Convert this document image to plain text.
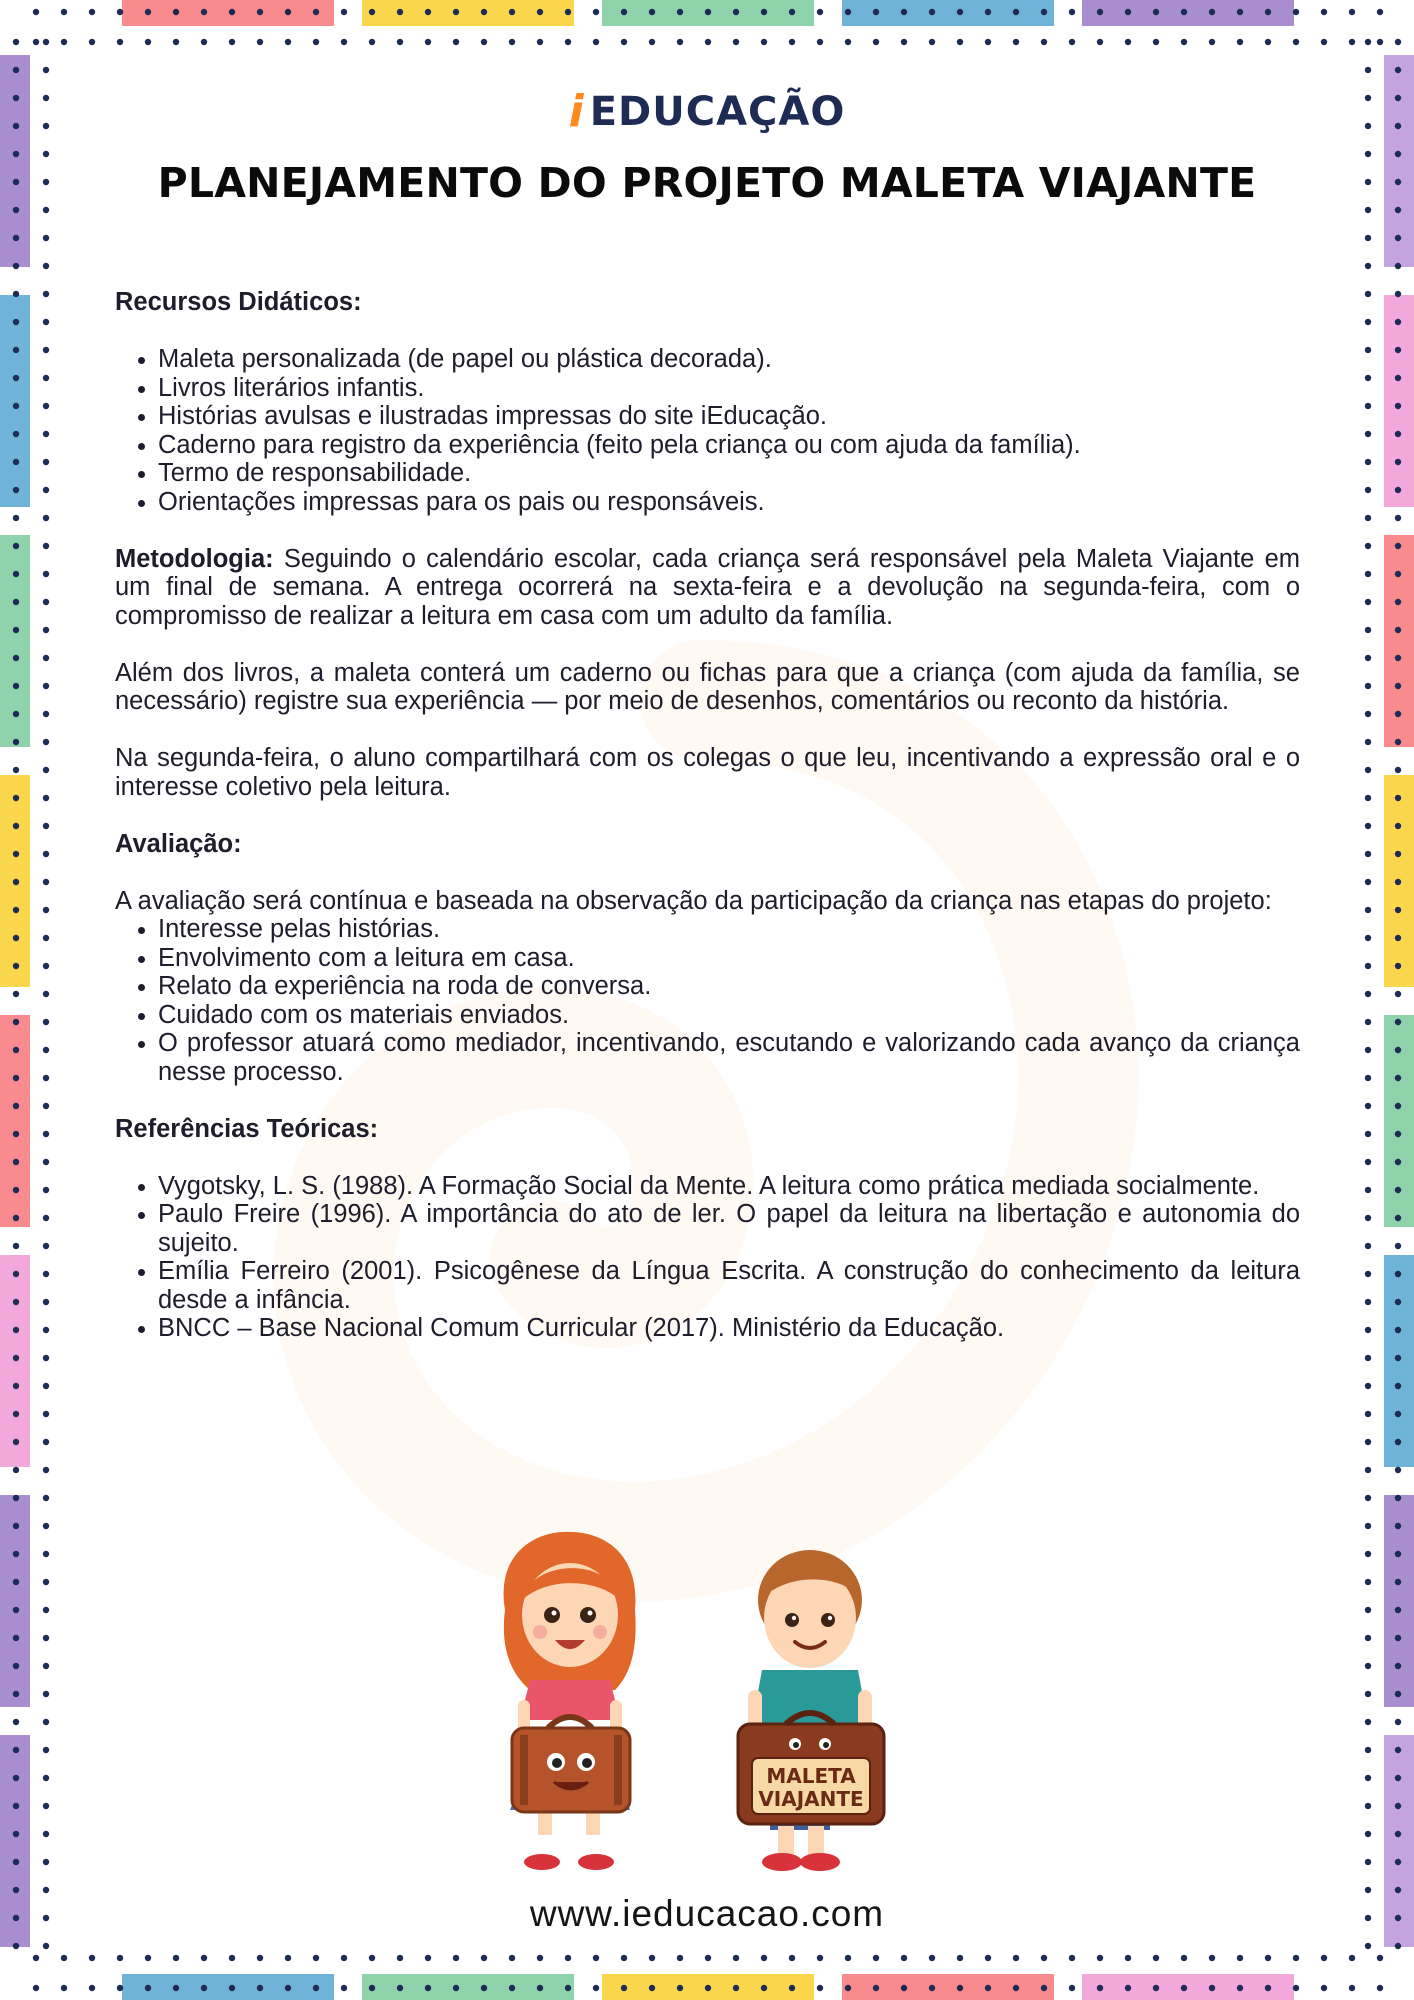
i EDUCAÇÃO
PLANEJAMENTO DO PROJETO MALETA VIAJANTE

Recursos Didáticos:

• Maleta personalizada (de papel ou plástica decorada).
• Livros literários infantis.
• Histórias avulsas e ilustradas impressas do site iEducação.
• Caderno para registro da experiência (feito pela criança ou com ajuda da família).
• Termo de responsabilidade.
• Orientações impressas para os pais ou responsáveis.

Metodologia: Seguindo o calendário escolar, cada criança será responsável pela Maleta Viajante em um final de semana. A entrega ocorrerá na sexta-feira e a devolução na segunda-feira, com o compromisso de realizar a leitura em casa com um adulto da família.

Além dos livros, a maleta conterá um caderno ou fichas para que a criança (com ajuda da família, se necessário) registre sua experiência — por meio de desenhos, comentários ou reconto da história.

Na segunda-feira, o aluno compartilhará com os colegas o que leu, incentivando a expressão oral e o interesse coletivo pela leitura.

Avaliação:

A avaliação será contínua e baseada na observação da participação da criança nas etapas do projeto:

• Interesse pelas histórias.
• Envolvimento com a leitura em casa.
• Relato da experiência na roda de conversa.
• Cuidado com os materiais enviados.
• O professor atuará como mediador, incentivando, escutando e valorizando cada avanço da criança nesse processo.

Referências Teóricas:

• Vygotsky, L. S. (1988). A Formação Social da Mente. A leitura como prática mediada socialmente.
• Paulo Freire (1996). A importância do ato de ler. O papel da leitura na libertação e autonomia do sujeito.
• Emília Ferreiro (2001). Psicogênese da Língua Escrita. A construção do conhecimento da leitura desde a infância.
• BNCC – Base Nacional Comum Curricular (2017). Ministério da Educação.
MALETA
VIAJANTE
www.ieducacao.com
